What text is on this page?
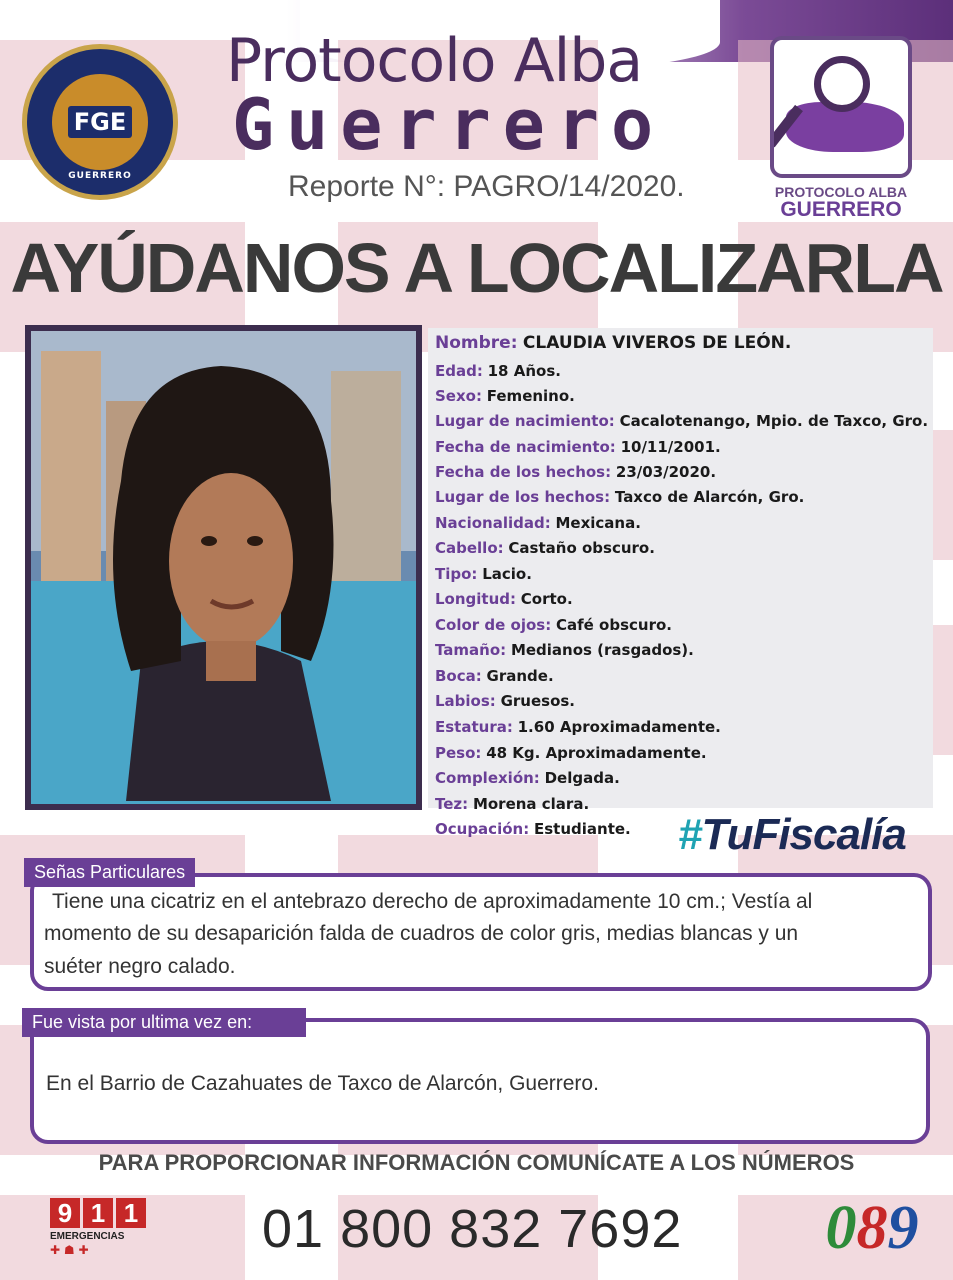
FGE
GUERRERO
Protocolo Alba
Guerrero
Reporte N°: PAGRO/14/2020.	PROTOCOLO ALBA
GUERRERO
AYÚDANOS A LOCALIZARLA
Nombre: CLAUDIA VIVEROS DE LEÓN.
Edad: 18 Años.
Sexo: Femenino.
Lugar de nacimiento: Cacalotenango, Mpio. de Taxco, Gro.
Fecha de nacimiento: 10/11/2001.
Fecha de los hechos: 23/03/2020.
Lugar de los hechos: Taxco de Alarcón, Gro.
Nacionalidad: Mexicana.
Cabello: Castaño obscuro.
Tipo: Lacio.
Longitud: Corto.
Color de ojos: Café obscuro.
Tamaño: Medianos (rasgados).
Boca: Grande.
Labios: Gruesos.
Estatura: 1.60 Aproximadamente.
Peso: 48 Kg. Aproximadamente.
Complexión: Delgada.
Tez: Morena clara.
Ocupación: Estudiante. #TuFiscalía
Señas Particulares
Tiene una cicatriz en el antebrazo derecho de aproximadamente 10 cm.; Vestía al
momento de su desaparición falda de cuadros de color gris, medias blancas y un
suéter negro calado.
Fue vista por ultima vez en:
En el Barrio de Cazahuates de Taxco de Alarcón, Guerrero.
PARA PROPORCIONAR INFORMACIÓN COMUNÍCATE A LOS NÚMEROS
9 1 1
EMERGENCIAS
✚ ☗ ✚	01 800 832 7692 0 8 9
